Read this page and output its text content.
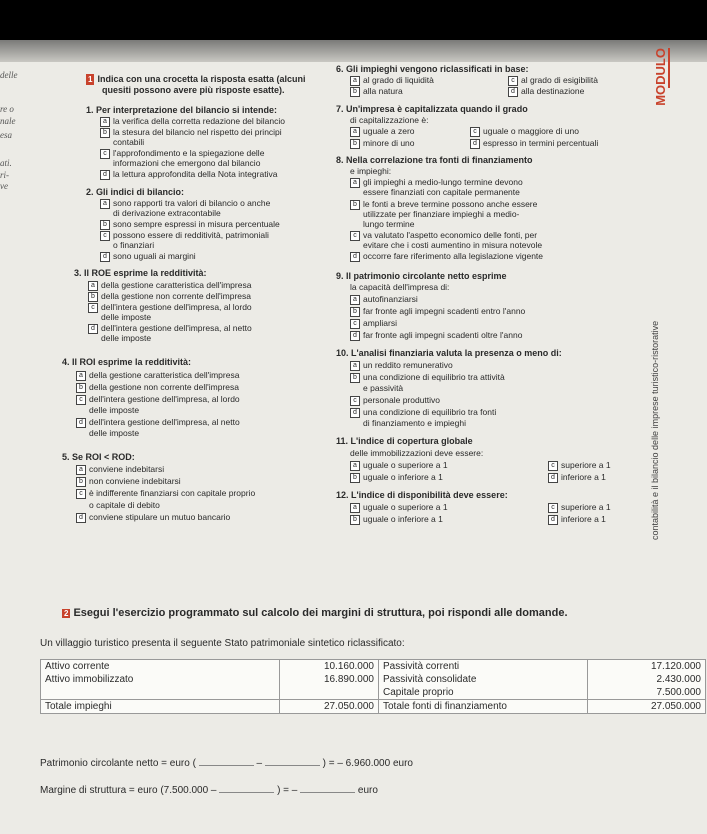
delle
re o
nale
esa
ati.
ri-
ve
1 Indica con una crocetta la risposta esatta (alcuni
quesiti possono avere più risposte esatte).
1. Per interpretazione del bilancio si intende:
a la verifica della corretta redazione del bilancio
b la stesura del bilancio nel rispetto dei principi
contabili
c l'approfondimento e la spiegazione delle
informazioni che emergono dal bilancio
d la lettura approfondita della Nota integrativa
2. Gli indici di bilancio:
a sono rapporti tra valori di bilancio o anche
di derivazione extracontabile
b sono sempre espressi in misura percentuale
c possono essere di redditività, patrimoniali
o finanziari
d sono uguali ai margini
3. Il ROE esprime la redditività:
a della gestione caratteristica dell'impresa
b della gestione non corrente dell'impresa
c dell'intera gestione dell'impresa, al lordo
delle imposte
d dell'intera gestione dell'impresa, al netto
delle imposte
4. Il ROI esprime la redditività:
a della gestione caratteristica dell'impresa
b della gestione non corrente dell'impresa
c dell'intera gestione dell'impresa, al lordo
delle imposte
d dell'intera gestione dell'impresa, al netto
delle imposte
5. Se ROI < ROD:
a conviene indebitarsi
b non conviene indebitarsi
c è indifferente finanziarsi con capitale proprio
o capitale di debito
d conviene stipulare un mutuo bancario
6. Gli impieghi vengono riclassificati in base:
a al grado di liquidità
b alla natura
c al grado di esigibilità
d alla destinazione
7. Un'impresa è capitalizzata quando il grado
di capitalizzazione è:
a uguale a zero
b minore di uno
c uguale o maggiore di uno
d espresso in termini percentuali
8. Nella correlazione tra fonti di finanziamento
e impieghi:
a gli impieghi a medio-lungo termine devono
essere finanziati con capitale permanente
b le fonti a breve termine possono anche essere
utilizzate per finanziare impieghi a medio-
lungo termine
c va valutato l'aspetto economico delle fonti, per
evitare che i costi aumentino in misura notevole
d occorre fare riferimento alla legislazione vigente
9. Il patrimonio circolante netto esprime
la capacità dell'impresa di:
a autofinanziarsi
b far fronte agli impegni scadenti entro l'anno
c ampliarsi
d far fronte agli impegni scadenti oltre l'anno
10. L'analisi finanziaria valuta la presenza o meno di:
a un reddito remunerativo
b una condizione di equilibrio tra attività
e passività
c personale produttivo
d una condizione di equilibrio tra fonti
di finanziamento e impieghi
11. L'indice di copertura globale
delle immobilizzazioni deve essere:
a uguale o superiore a 1
b uguale o inferiore a 1
c superiore a 1
d inferiore a 1
12. L'indice di disponibilità deve essere:
a uguale o superiore a 1
b uguale o inferiore a 1
c superiore a 1
d inferiore a 1
MODULO
contabilità e il bilancio delle imprese turistico-ristorative
2 Esegui l'esercizio programmato sul calcolo dei margini di struttura, poi rispondi alle domande.
Un villaggio turistico presenta il seguente Stato patrimoniale sintetico riclassificato:
Attivo corrente	10.160.000	Passività correnti	17.120.000
Attivo immobilizzato	16.890.000	Passività consolidate	2.430.000
		Capitale proprio	7.500.000
Totale impieghi	27.050.000	Totale fonti di finanziamento	27.050.000
Patrimonio circolante netto = euro (	–	) = – 6.960.000 euro
Margine di struttura = euro (7.500.000 –	) = –	euro
